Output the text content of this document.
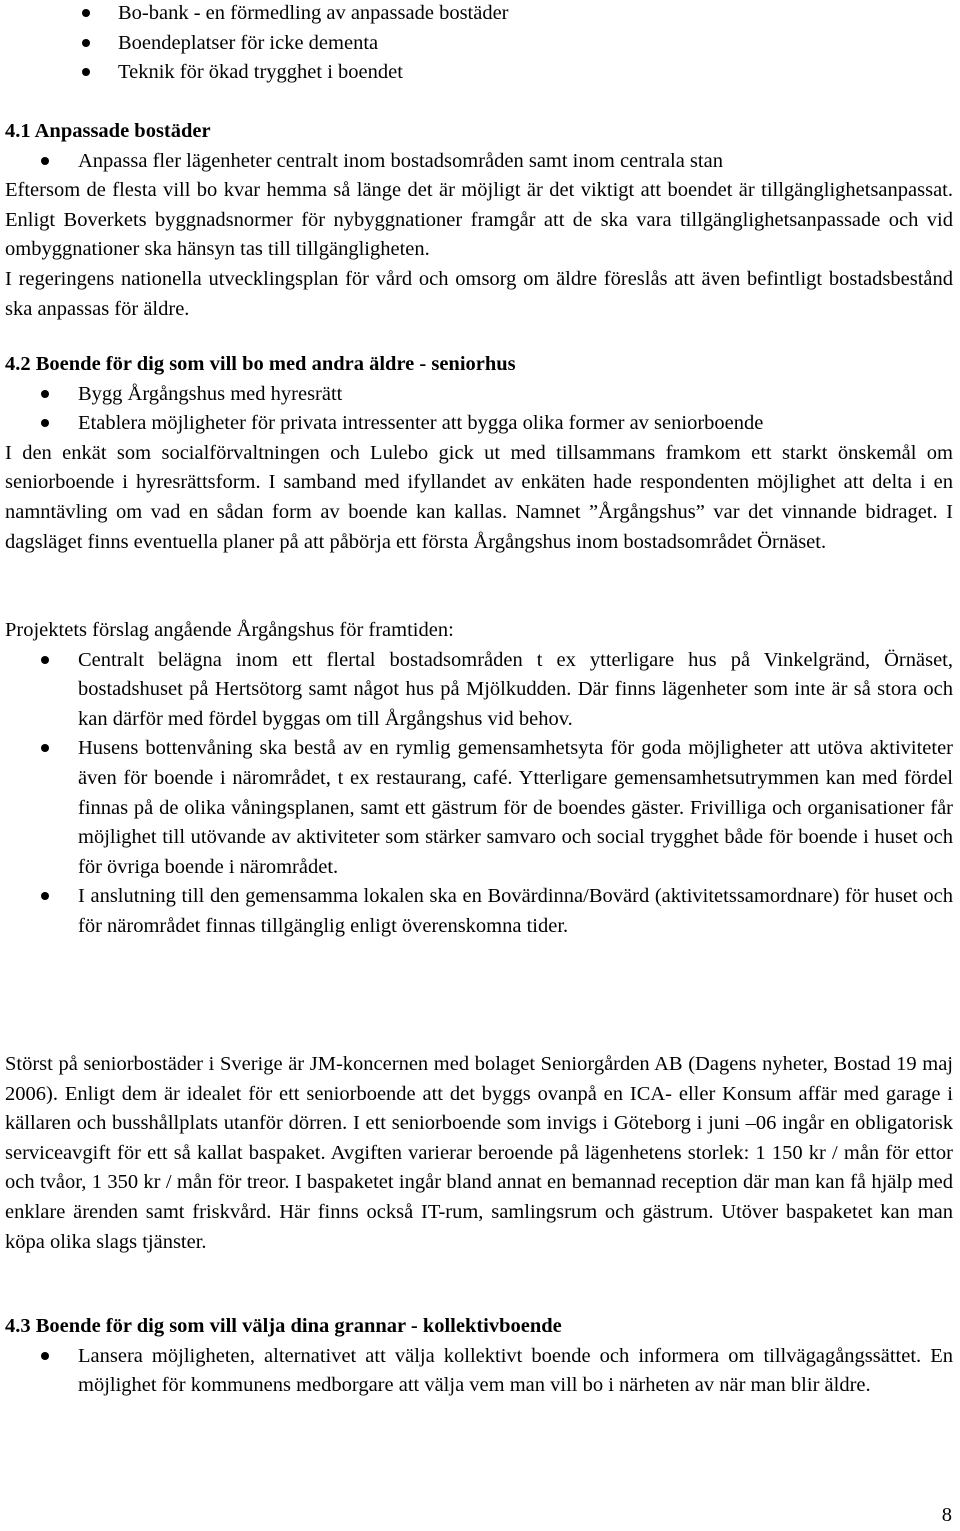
Bo-bank - en förmedling av anpassade bostäder
Boendeplatser för icke dementa
Teknik för ökad trygghet i boendet
4.1 Anpassade bostäder
Anpassa fler lägenheter centralt inom bostadsområden samt inom centrala stan

Eftersom de flesta vill bo kvar hemma så länge det är möjligt är det viktigt att boendet är tillgänglighetsanpassat. Enligt Boverkets byggnadsnormer för nybyggnationer framgår att de ska vara tillgänglighetsanpassade och vid ombyggnationer ska hänsyn tas till tillgängligheten.

I regeringens nationella utvecklingsplan för vård och omsorg om äldre föreslås att även befintligt bostadsbestånd ska anpassas för äldre.

4.2 Boende för dig som vill bo med andra äldre - seniorhus
Bygg Årgångshus med hyresrätt
Etablera möjligheter för privata intressenter att bygga olika former av seniorboende

I den enkät som socialförvaltningen och Lulebo gick ut med tillsammans framkom ett starkt önskemål om seniorboende i hyresrättsform. I samband med ifyllandet av enkäten hade respondenten möjlighet att delta i en namntävling om vad en sådan form av boende kan kallas. Namnet ”Årgångshus” var det vinnande bidraget. I dagsläget finns eventuella planer på att påbörja ett första Årgångshus inom bostadsområdet Örnäset.

Projektets förslag angående Årgångshus för framtiden:

Centralt belägna inom ett flertal bostadsområden t ex ytterligare hus på Vinkelgränd, Örnäset, bostadshuset på Hertsötorg samt något hus på Mjölkudden. Där finns lägenheter som inte är så stora och kan därför med fördel byggas om till Årgångshus vid behov.
Husens bottenvåning ska bestå av en rymlig gemensamhetsyta för goda möjligheter att utöva aktiviteter även för boende i närområdet, t ex restaurang, café. Ytterligare gemensamhetsutrymmen kan med fördel finnas på de olika våningsplanen, samt ett gästrum för de boendes gäster. Frivilliga och organisationer får möjlighet till utövande av aktiviteter som stärker samvaro och social trygghet både för boende i huset och för övriga boende i närområdet.
I anslutning till den gemensamma lokalen ska en Bovärdinna/Bovärd (aktivitetssamordnare) för huset och för närområdet finnas tillgänglig enligt överenskomna tider.

Störst på seniorbostäder i Sverige är JM-koncernen med bolaget Seniorgården AB (Dagens nyheter, Bostad 19 maj 2006). Enligt dem är idealet för ett seniorboende att det byggs ovanpå en ICA- eller Konsum affär med garage i källaren och busshållplats utanför dörren. I ett seniorboende som invigs i Göteborg i juni –06 ingår en obligatorisk serviceavgift för ett så kallat baspaket. Avgiften varierar beroende på lägenhetens storlek: 1 150 kr / mån för ettor och tvåor, 1 350 kr / mån för treor. I baspaketet ingår bland annat en bemannad reception där man kan få hjälp med enklare ärenden samt friskvård. Här finns också IT-rum, samlingsrum och gästrum. Utöver baspaketet kan man köpa olika slags tjänster.

4.3 Boende för dig som vill välja dina grannar - kollektivboende
Lansera möjligheten, alternativet att välja kollektivt boende och informera om tillvägagångssättet. En möjlighet för kommunens medborgare att välja vem man vill bo i närheten av när man blir äldre.
8
